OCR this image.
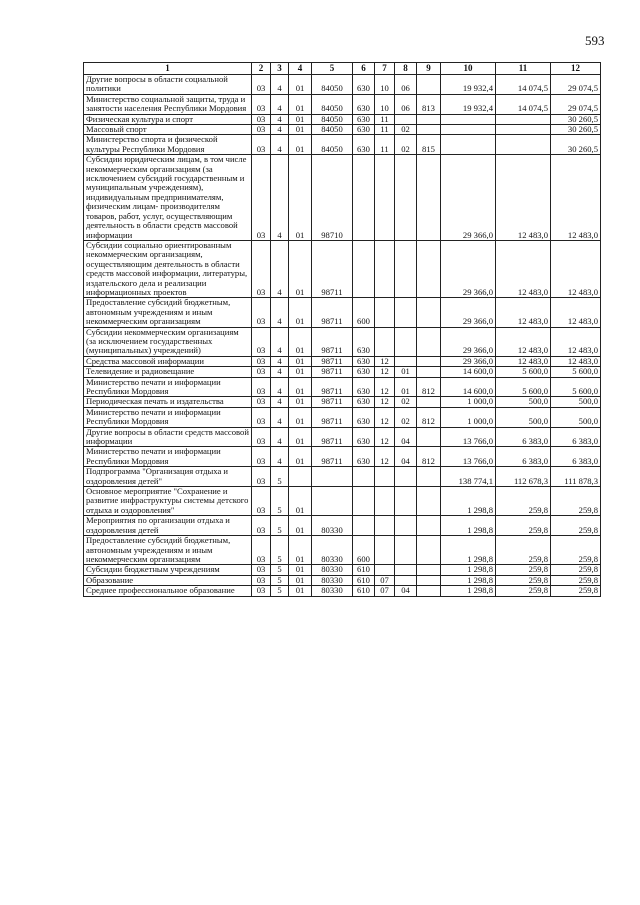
593
1	2	3	4	5	6	7	8	9	10	11	12
Другие вопросы в области социальной политики	03	4	01	84050	630	10	06		19 932,4	14 074,5	29 074,5
Министерство социальной защиты, труда и занятости населения Республики Мордовия	03	4	01	84050	630	10	06	813	19 932,4	14 074,5	29 074,5
Физическая культура и спорт	03	4	01	84050	630	11					30 260,5
Массовый спорт	03	4	01	84050	630	11	02				30 260,5
Министерство спорта и физической культуры Республики Мордовия	03	4	01	84050	630	11	02	815			30 260,5
Субсидии юридическим лицам, в том числе некоммерческим организациям (за исключением субсидий государственным и муниципальным учреждениям), индивидуальным предпринимателям, физическим лицам- производителям товаров, работ, услуг, осуществляющим деятельность в области средств массовой информации	03	4	01	98710					29 366,0	12 483,0	12 483,0
Субсидии социально ориентированным некоммерческим организациям, осуществляющим деятельность в области средств массовой информации, литературы, издательского дела и реализации информационных проектов	03	4	01	98711					29 366,0	12 483,0	12 483,0
Предоставление субсидий бюджетным, автономным учреждениям и иным некоммерческим организациям	03	4	01	98711	600				29 366,0	12 483,0	12 483,0
Субсидии некоммерческим организациям (за исключением государственных (муниципальных) учреждений)	03	4	01	98711	630				29 366,0	12 483,0	12 483,0
Средства массовой информации	03	4	01	98711	630	12			29 366,0	12 483,0	12 483,0
Телевидение и радиовещание	03	4	01	98711	630	12	01		14 600,0	5 600,0	5 600,0
Министерство печати и информации Республики Мордовия	03	4	01	98711	630	12	01	812	14 600,0	5 600,0	5 600,0
Периодическая печать и издательства	03	4	01	98711	630	12	02		1 000,0	500,0	500,0
Министерство печати и информации Республики Мордовия	03	4	01	98711	630	12	02	812	1 000,0	500,0	500,0
Другие вопросы в области средств массовой информации	03	4	01	98711	630	12	04		13 766,0	6 383,0	6 383,0
Министерство печати и информации Республики Мордовия	03	4	01	98711	630	12	04	812	13 766,0	6 383,0	6 383,0
Подпрограмма "Организация отдыха и оздоровления детей"	03	5							138 774,1	112 678,3	111 878,3
Основное мероприятие "Сохранение и развитие инфраструктуры системы детского отдыха и оздоровления"	03	5	01						1 298,8	259,8	259,8
Мероприятия по организации отдыха и оздоровления детей	03	5	01	80330					1 298,8	259,8	259,8
Предоставление субсидий бюджетным, автономным учреждениям и иным некоммерческим организациям	03	5	01	80330	600				1 298,8	259,8	259,8
Субсидии бюджетным учреждениям	03	5	01	80330	610				1 298,8	259,8	259,8
Образование	03	5	01	80330	610	07			1 298,8	259,8	259,8
Среднее профессиональное образование	03	5	01	80330	610	07	04		1 298,8	259,8	259,8
